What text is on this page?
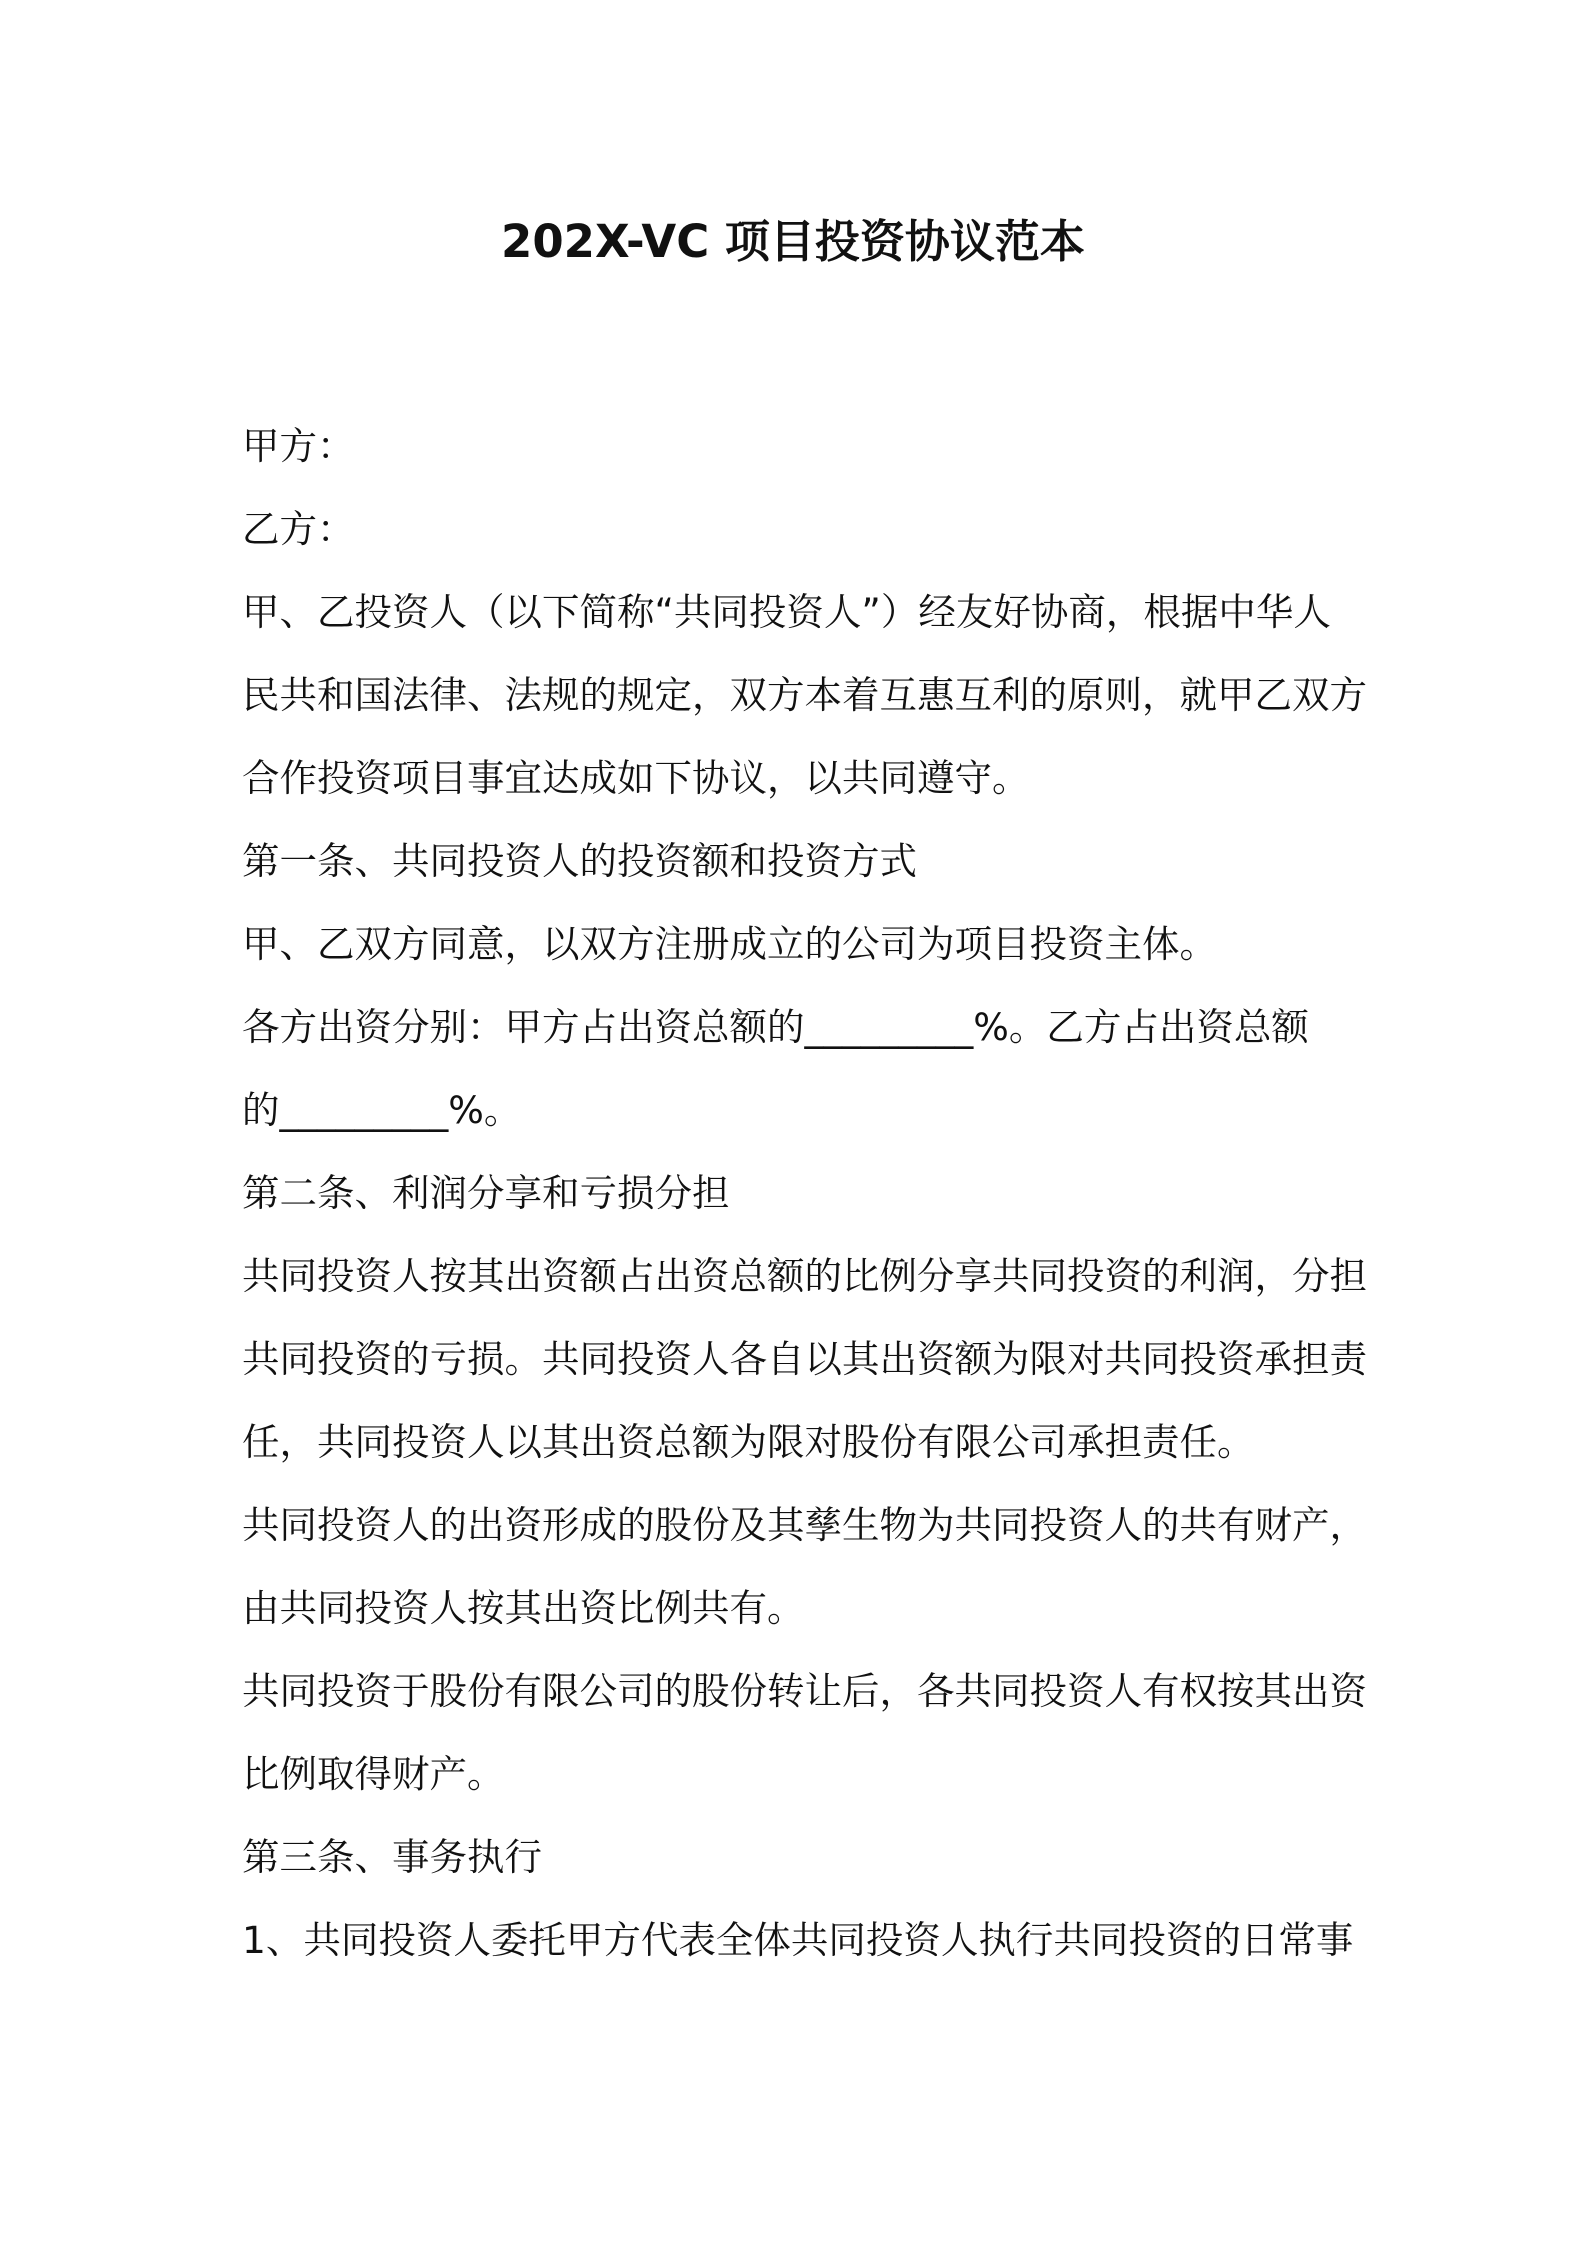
202X-VC 项目投资协议范本
甲方：
乙方：
甲、乙投资人（以下简称“共同投资人”）经友好协商，根据中华人
民共和国法律、法规的规定，双方本着互惠互利的原则，就甲乙双方
合作投资项目事宜达成如下协议，以共同遵守。
第一条、共同投资人的投资额和投资方式
甲、乙双方同意，以双方注册成立的公司为项目投资主体。
各方出资分别：甲方占出资总额的_________%。乙方占出资总额
的_________%。
第二条、利润分享和亏损分担
共同投资人按其出资额占出资总额的比例分享共同投资的利润，分担
共同投资的亏损。共同投资人各自以其出资额为限对共同投资承担责
任，共同投资人以其出资总额为限对股份有限公司承担责任。
共同投资人的出资形成的股份及其孳生物为共同投资人的共有财产，
由共同投资人按其出资比例共有。
共同投资于股份有限公司的股份转让后，各共同投资人有权按其出资
比例取得财产。
第三条、事务执行
1、共同投资人委托甲方代表全体共同投资人执行共同投资的日常事
